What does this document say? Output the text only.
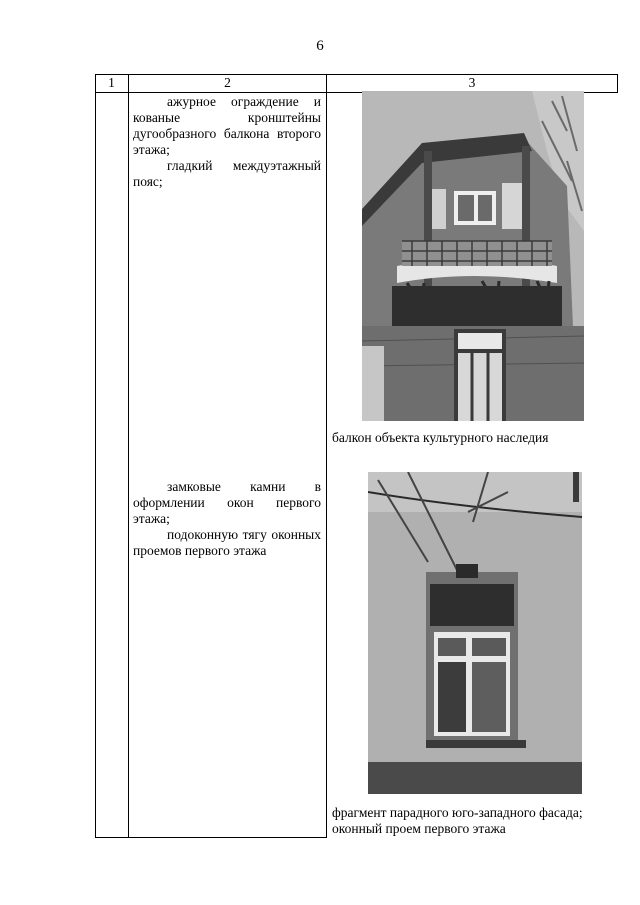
6
1	2	3

ажурное ограждение и кованые кронштейны дугообразного балкона второго этажа;

гладкий междуэтажный пояс;

балкон объекта культурного наследия

замковые камни в оформлении окон первого этажа;

подоконную тягу оконных проемов первого этажа

фрагмент парадного юго-западного фасада; оконный проем первого этажа
